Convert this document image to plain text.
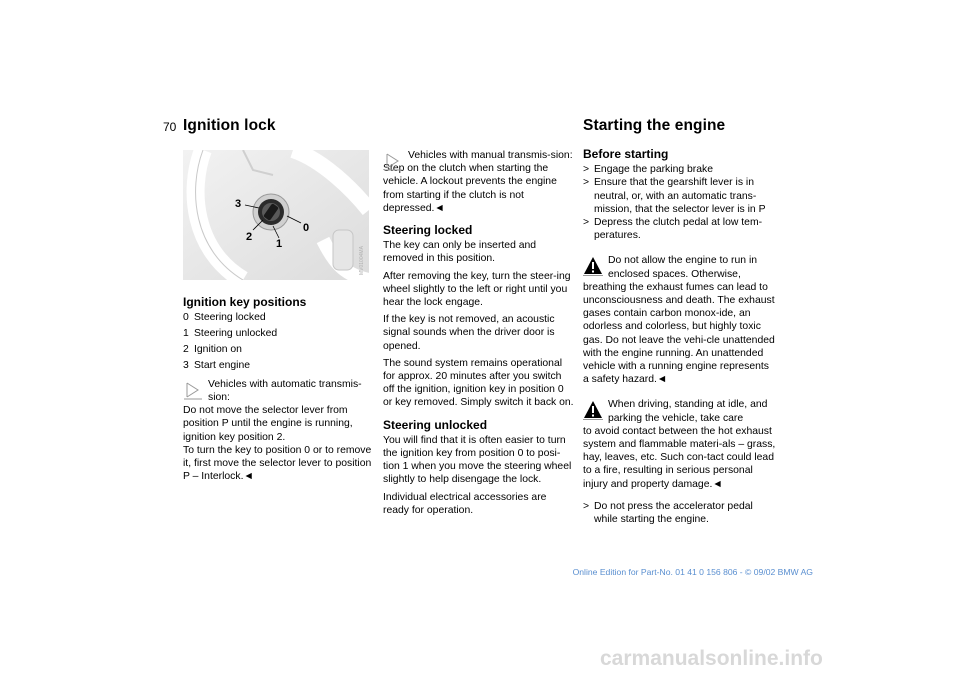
70 Ignition lock	Starting the engine
3
2
1
0
MV01004MA
Ignition key positions
0 Steering locked
1 Steering unlocked
2 Ignition on
3 Start engine
Vehicles with automatic transmis-sion:
Do not move the selector lever from position P until the engine is running, ignition key position 2.
To turn the key to position 0 or to remove it, first move the selector lever to position P – Interlock.◄
Vehicles with manual transmis-sion:
Step on the clutch when starting the vehicle. A lockout prevents the engine from starting if the clutch is not depressed.◄
Steering locked

The key can only be inserted and removed in this position.

After removing the key, turn the steer-ing wheel slightly to the left or right until you hear the lock engage.

If the key is not removed, an acoustic signal sounds when the driver door is opened.

The sound system remains operational for approx. 20 minutes after you switch off the ignition, ignition key in position 0 or key removed. Simply switch it back on.

Steering unlocked

You will find that it is often easier to turn the ignition key from position 0 to posi-tion 1 when you move the steering wheel slightly to help disengage the lock.

Individual electrical accessories are ready for operation.

Before starting
> Engage the parking brake
> Ensure that the gearshift lever is in neutral, or, with an automatic trans-mission, that the selector lever is in P
> Depress the clutch pedal at low tem-peratures.
Do not allow the engine to run in enclosed spaces. Otherwise,
breathing the exhaust fumes can lead to unconsciousness and death. The exhaust gases contain carbon monox-ide, an odorless and colorless, but highly toxic gas. Do not leave the vehi-cle unattended with the engine running. An unattended vehicle with a running engine represents a safety hazard.◄
When driving, standing at idle, and parking the vehicle, take care
to avoid contact between the hot exhaust system and flammable materi-als – grass, hay, leaves, etc. Such con-tact could lead to a fire, resulting in serious personal injury and property damage.◄
> Do not press the accelerator pedal while starting the engine.
Online Edition for Part-No. 01 41 0 156 806 - © 09/02 BMW AG
carmanualsonline.info
